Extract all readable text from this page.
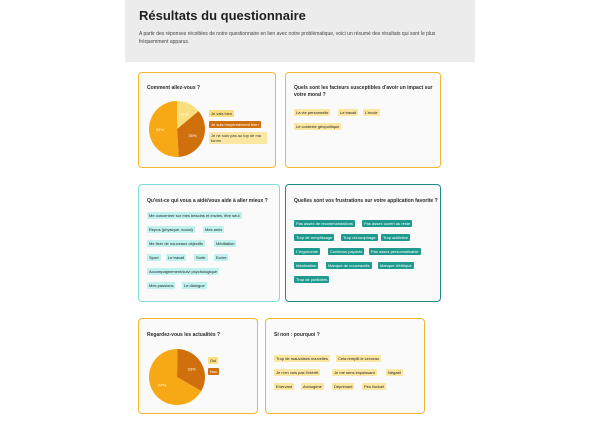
Résultats du questionnaire

A partir des réponses récoltées de notre questionnaire en lien avec notre problématique, voici un résumé des résultats qui sont le plus fréquemment apparus.

Comment allez-vous ?
14%
35%
51%
Je vais bien
Je suis moyennement bien
Je ne suis pas au top de ma forme
Quels sont les facteurs susceptibles d'avoir un impact sur votre moral ?
La vie personnelle	Le travail	L'école
Le contexte géopolitique
Qu'est-ce qui vous a aidé/vous aide à aller mieux ?
Me concentrer sur mes besoins et envies, être seul
Repos (physique, social)	Mes amis
Me fixer de nouveaux objectifs	Méditation
Sport	Le travail	Sortir	Ecrire
Accompagnement/suivi psychologique
Mes passions	Le dialogue
Quelles sont vos frustrations sur votre application favorite ?
Pas assez de recommandations	Pas assez ouvert au reste
Trop de remplissage	Trop chronophage	Trop addictive
L'ergonomie	Contenus payants	Pas assez personnalisable
Idéalisation	Manque de nouveautés	Manque d'éthique
Trop de publicités
Regardez-vous les actualités ?
67%
33%
Oui
Non
Si non : pourquoi ?
Trop de mauvaises nouvelles	Cela remplit le cerveau
Je n'en vois pas l'intérêt	Je me sens impuissant	Négatif
Enervant	Anxiogène	Déprimant	Peu factuel
